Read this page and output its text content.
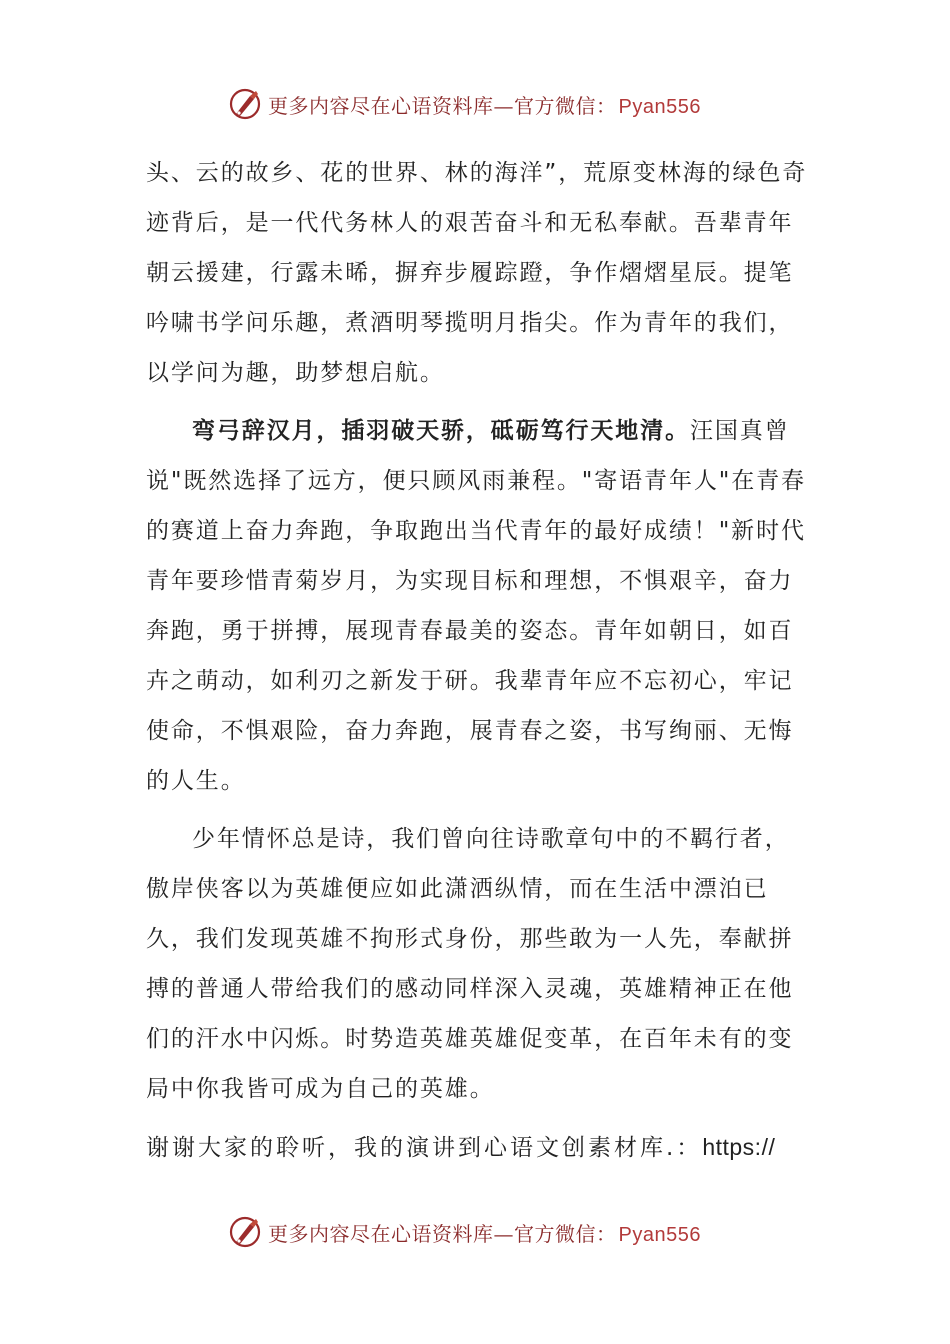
更多内容尽在心语资料库—官方微信： Pyan556

头、云的故乡、花的世界、林的海洋”，荒原变林海的绿色奇迹背后，是一代代务林人的艰苦奋斗和无私奉献。吾辈青年朝云援建，行露未晞，摒弃步履踪蹬，争作熠熠星辰。提笔吟啸书学问乐趣，煮酒明琴揽明月指尖。作为青年的我们，以学问为趣，助梦想启航。

弯弓辞汉月，插羽破天骄，砥砺笃行天地清。汪国真曾说"既然选择了远方，便只顾风雨兼程。"寄语青年人"在青春的赛道上奋力奔跑，争取跑出当代青年的最好成绩！"新时代青年要珍惜青菊岁月，为实现目标和理想，不惧艰辛，奋力奔跑，勇于拼搏，展现青春最美的姿态。青年如朝日，如百卉之萌动，如利刃之新发于研。我辈青年应不忘初心，牢记使命，不惧艰险，奋力奔跑，展青春之姿，书写绚丽、无悔的人生。

少年情怀总是诗，我们曾向往诗歌章句中的不羁行者，傲岸侠客以为英雄便应如此潇洒纵情，而在生活中漂泊已久，我们发现英雄不拘形式身份，那些敢为一人先，奉献拼搏的普通人带给我们的感动同样深入灵魂，英雄精神正在他们的汗水中闪烁。时势造英雄英雄促变革，在百年未有的变局中你我皆可成为自己的英雄。

谢谢大家的聆听，我的演讲到心语文创素材库.：https://

更多内容尽在心语资料库—官方微信： Pyan556
